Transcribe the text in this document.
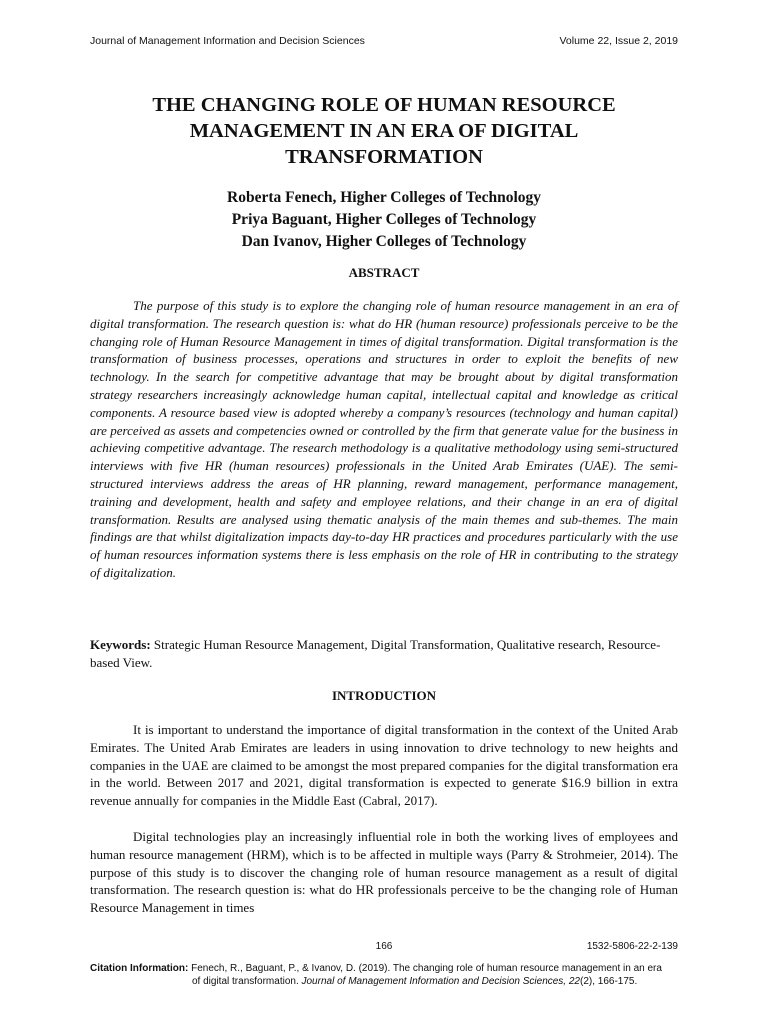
Journal of Management Information and Decision Sciences	Volume 22, Issue 2, 2019
THE CHANGING ROLE OF HUMAN RESOURCE MANAGEMENT IN AN ERA OF DIGITAL TRANSFORMATION
Roberta Fenech, Higher Colleges of Technology
Priya Baguant, Higher Colleges of Technology
Dan Ivanov, Higher Colleges of Technology
ABSTRACT

The purpose of this study is to explore the changing role of human resource management in an era of digital transformation. The research question is: what do HR (human resource) professionals perceive to be the changing role of Human Resource Management in times of digital transformation. Digital transformation is the transformation of business processes, operations and structures in order to exploit the benefits of new technology. In the search for competitive advantage that may be brought about by digital transformation strategy researchers increasingly acknowledge human capital, intellectual capital and knowledge as critical components. A resource based view is adopted whereby a company’s resources (technology and human capital) are perceived as assets and competencies owned or controlled by the firm that generate value for the business in achieving competitive advantage. The research methodology is a qualitative methodology using semi-structured interviews with five HR (human resources) professionals in the United Arab Emirates (UAE). The semi-structured interviews address the areas of HR planning, reward management, performance management, training and development, health and safety and employee relations, and their change in an era of digital transformation. Results are analysed using thematic analysis of the main themes and sub-themes. The main findings are that whilst digitalization impacts day-to-day HR practices and procedures particularly with the use of human resources information systems there is less emphasis on the role of HR in contributing to the strategy of digitalization.

Keywords: Strategic Human Resource Management, Digital Transformation, Qualitative research, Resource-based View.

INTRODUCTION

It is important to understand the importance of digital transformation in the context of the United Arab Emirates. The United Arab Emirates are leaders in using innovation to drive technology to new heights and companies in the UAE are claimed to be amongst the most prepared companies for the digital transformation era in the world. Between 2017 and 2021, digital transformation is expected to generate $16.9 billion in extra revenue annually for companies in the Middle East (Cabral, 2017).

Digital technologies play an increasingly influential role in both the working lives of employees and human resource management (HRM), which is to be affected in multiple ways (Parry & Strohmeier, 2014). The purpose of this study is to discover the changing role of human resource management as a result of digital transformation. The research question is: what do HR professionals perceive to be the changing role of Human Resource Management in times

166	1532-5806-22-2-139
Citation Information: Fenech, R., Baguant, P., & Ivanov, D. (2019). The changing role of human resource management in an era
of digital transformation. Journal of Management Information and Decision Sciences, 22(2), 166-175.
